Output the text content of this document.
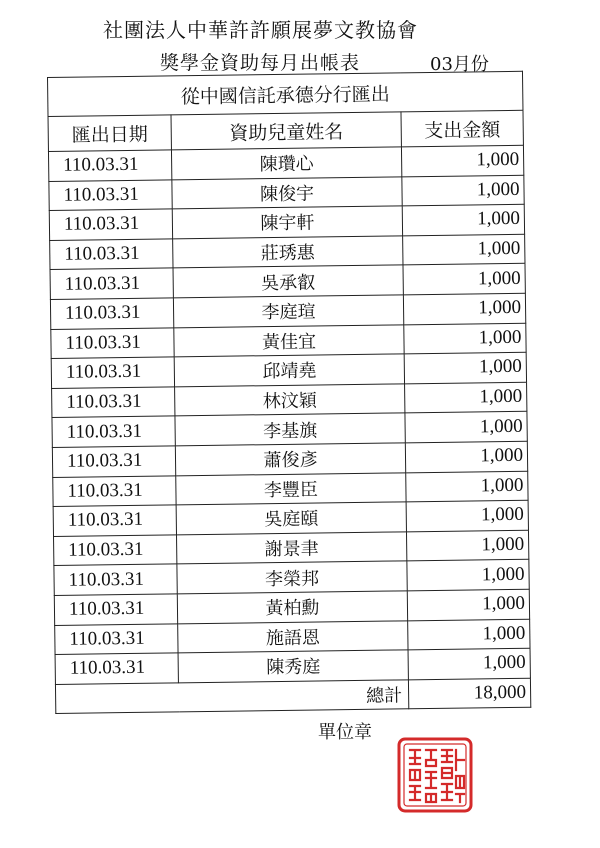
社團法人中華許許願展夢文教協會
獎學金資助每月出帳表	03月份
從中國信託承德分行匯出		
匯出日期	資助兒童姓名	支出金額
110.03.31	陳瓚心	1,000
110.03.31	陳俊宇	1,000
110.03.31	陳宇軒	1,000
110.03.31	莊琇惠	1,000
110.03.31	吳承叡	1,000
110.03.31	李庭瑄	1,000
110.03.31	黃佳宜	1,000
110.03.31	邱靖堯	1,000
110.03.31	林汶穎	1,000
110.03.31	李基旗	1,000
110.03.31	蕭俊彥	1,000
110.03.31	李豐臣	1,000
110.03.31	吳庭頤	1,000
110.03.31	謝景聿	1,000
110.03.31	李榮邦	1,000
110.03.31	黃柏勳	1,000
110.03.31	施語恩	1,000
110.03.31	陳秀庭	1,000
	總計	18,000
單位章
